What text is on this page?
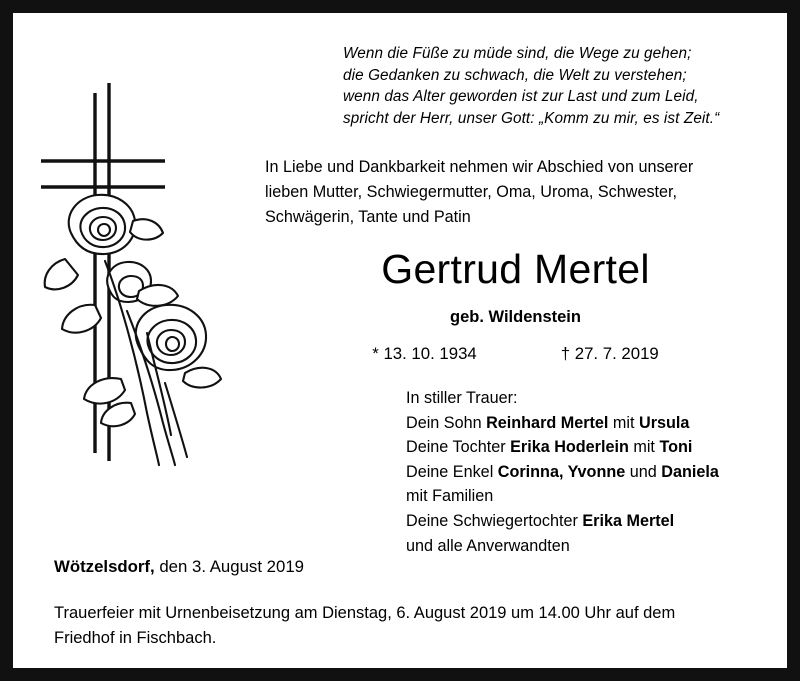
Wenn die Füße zu müde sind, die Wege zu gehen;
die Gedanken zu schwach, die Welt zu verstehen;
wenn das Alter geworden ist zur Last und zum Leid,
spricht der Herr, unser Gott: „Komm zu mir, es ist Zeit.“
In Liebe und Dankbarkeit nehmen wir Abschied von unserer
lieben Mutter, Schwiegermutter, Oma, Uroma, Schwester,
Schwägerin, Tante und Patin
Gertrud Mertel
geb. Wildenstein
* 13. 10. 1934	† 27. 7. 2019
In stiller Trauer:
Dein Sohn Reinhard Mertel mit Ursula
Deine Tochter Erika Hoderlein mit Toni
Deine Enkel Corinna, Yvonne und Daniela
mit Familien
Deine Schwiegertochter Erika Mertel
und alle Anverwandten
Wötzelsdorf, den 3. August 2019
Trauerfeier mit Urnenbeisetzung am Dienstag, 6. August 2019 um 14.00 Uhr auf dem
Friedhof in Fischbach.
